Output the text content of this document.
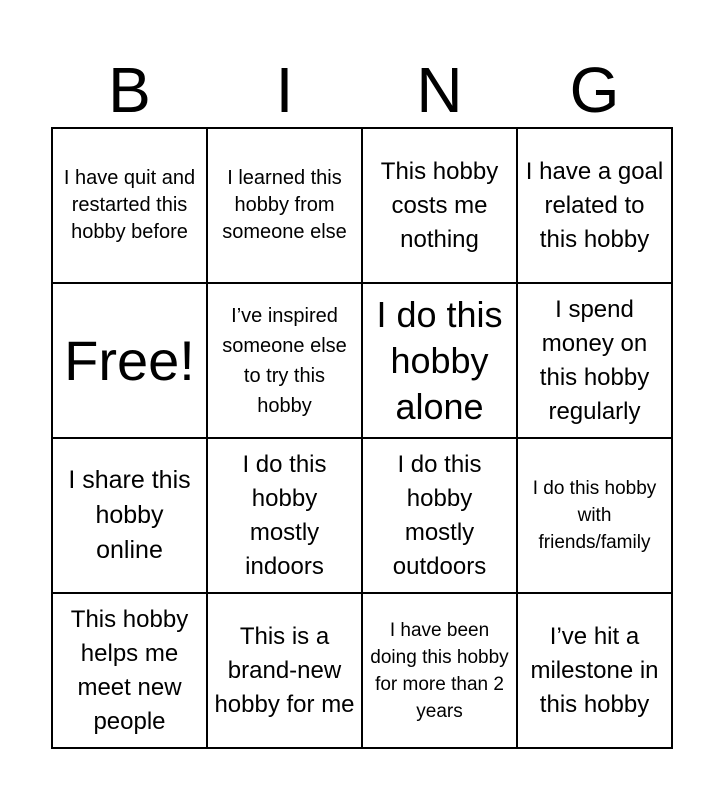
B	I	N	G
I have quit and restarted this hobby before
I learned this hobby from someone else
This hobby costs me nothing
I have a goal related to this hobby
Free!
I’ve inspired someone else to try this hobby
I do this hobby alone
I spend money on this hobby regularly
I share this hobby online
I do this hobby mostly indoors
I do this hobby mostly outdoors
I do this hobby with friends/family
This hobby helps me meet new people
This is a brand-new hobby for me
I have been doing this hobby for more than 2 years
I’ve hit a milestone in this hobby
